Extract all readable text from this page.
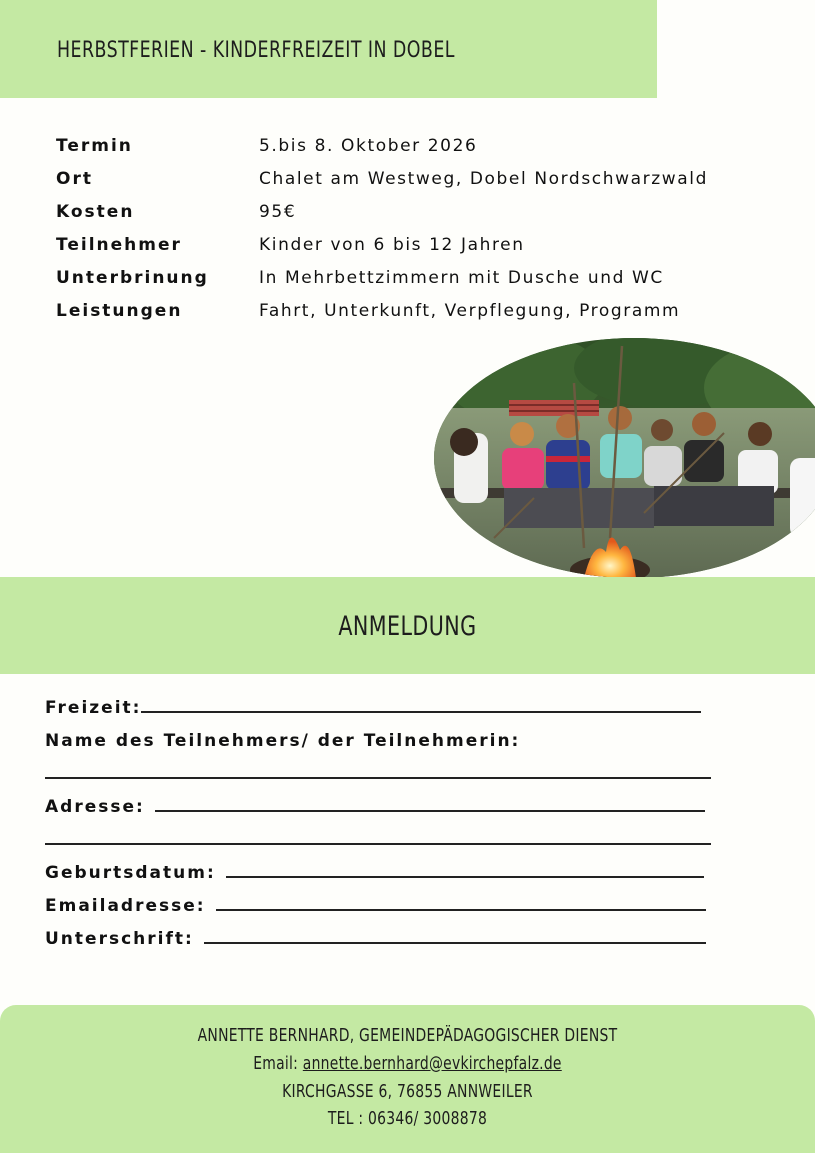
HERBSTFERIEN - KINDERFREIZEIT IN DOBEL
Termin	5.bis 8. Oktober 2026
Ort	Chalet am Westweg, Dobel Nordschwarzwald
Kosten	95€
Teilnehmer	Kinder von 6 bis 12 Jahren
Unterbrinung	In Mehrbettzimmern mit Dusche und WC
Leistungen	Fahrt, Unterkunft, Verpflegung, Programm
ANMELDUNG
Freizeit:
Name des Teilnehmers/ der Teilnehmerin:
Adresse:
Geburtsdatum:
Emailadresse:
Unterschrift:
ANNETTE BERNHARD, GEMEINDEPÄDAGOGISCHER DIENST
Email: annette.bernhard@evkirchepfalz.de
KIRCHGASSE 6, 76855 ANNWEILER
TEL : 06346/ 3008878
